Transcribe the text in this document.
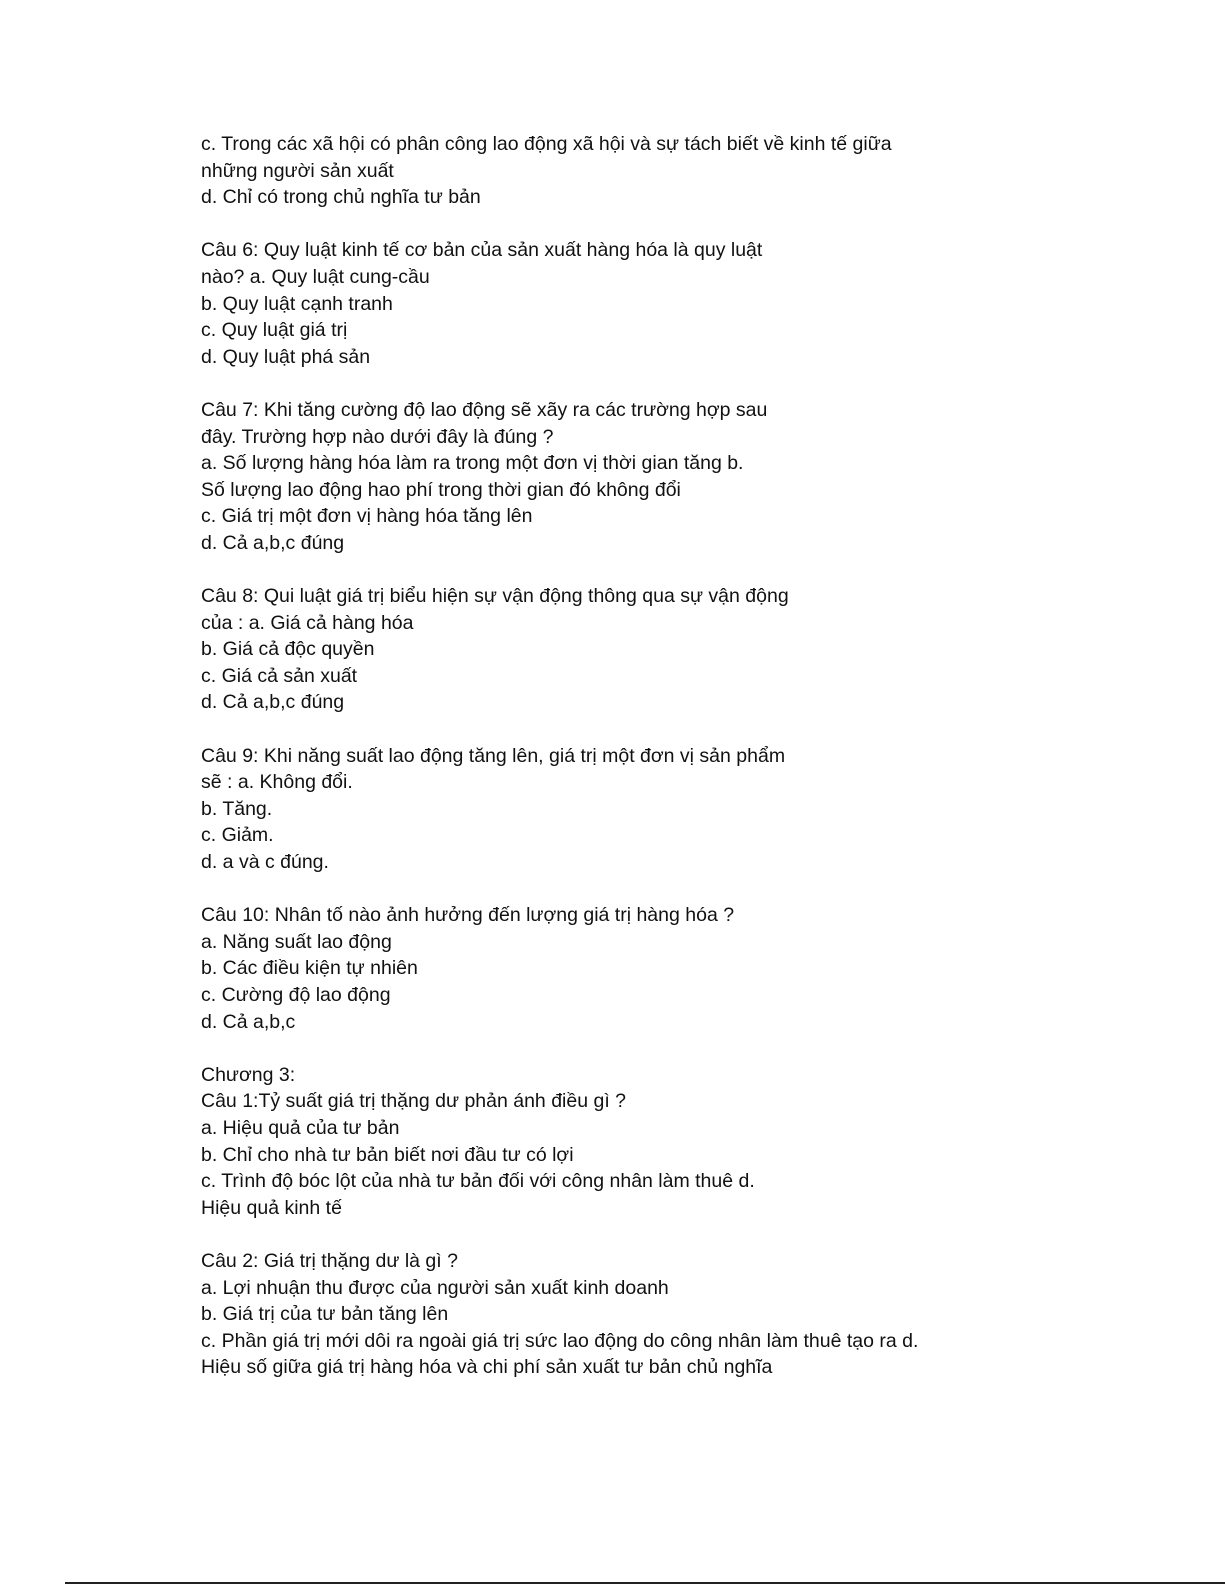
c. Trong các xã hội có phân công lao động xã hội và sự tách biết về kinh tế giữa
những người sản xuất
d. Chỉ có trong chủ nghĩa tư bản
Câu 6: Quy luật kinh tế cơ bản của sản xuất hàng hóa là quy luật
nào? a. Quy luật cung-cầu
b. Quy luật cạnh tranh
c. Quy luật giá trị
d. Quy luật phá sản
Câu 7: Khi tăng cường độ lao động sẽ xãy ra các trường hợp sau
đây. Trường hợp nào dưới đây là đúng ?
a. Số lượng hàng hóa làm ra trong một đơn vị thời gian tăng b.
Số lượng lao động hao phí trong thời gian đó không đổi
c. Giá trị một đơn vị hàng hóa tăng lên
d. Cả a,b,c đúng
Câu 8: Qui luật giá trị biểu hiện sự vận động thông qua sự vận động
của : a. Giá cả hàng hóa
b. Giá cả độc quyền
c. Giá cả sản xuất
d. Cả a,b,c đúng
Câu 9: Khi năng suất lao động tăng lên, giá trị một đơn vị sản phẩm
sẽ : a. Không đổi.
b. Tăng.
c. Giảm.
d. a và c đúng.
Câu 10: Nhân tố nào ảnh hưởng đến lượng giá trị hàng hóa ?
a. Năng suất lao động
b. Các điều kiện tự nhiên
c. Cường độ lao động
d. Cả a,b,c
Chương 3:
Câu 1:Tỷ suất giá trị thặng dư phản ánh điều gì ?
a. Hiệu quả của tư bản
b. Chỉ cho nhà tư bản biết nơi đầu tư có lợi
c. Trình độ bóc lột của nhà tư bản đối với công nhân làm thuê d.
Hiệu quả kinh tế
Câu 2: Giá trị thặng dư là gì ?
a. Lợi nhuận thu được của người sản xuất kinh doanh
b. Giá trị của tư bản tăng lên
c. Phần giá trị mới dôi ra ngoài giá trị sức lao động do công nhân làm thuê tạo ra d.
Hiệu số giữa giá trị hàng hóa và chi phí sản xuất tư bản chủ nghĩa
